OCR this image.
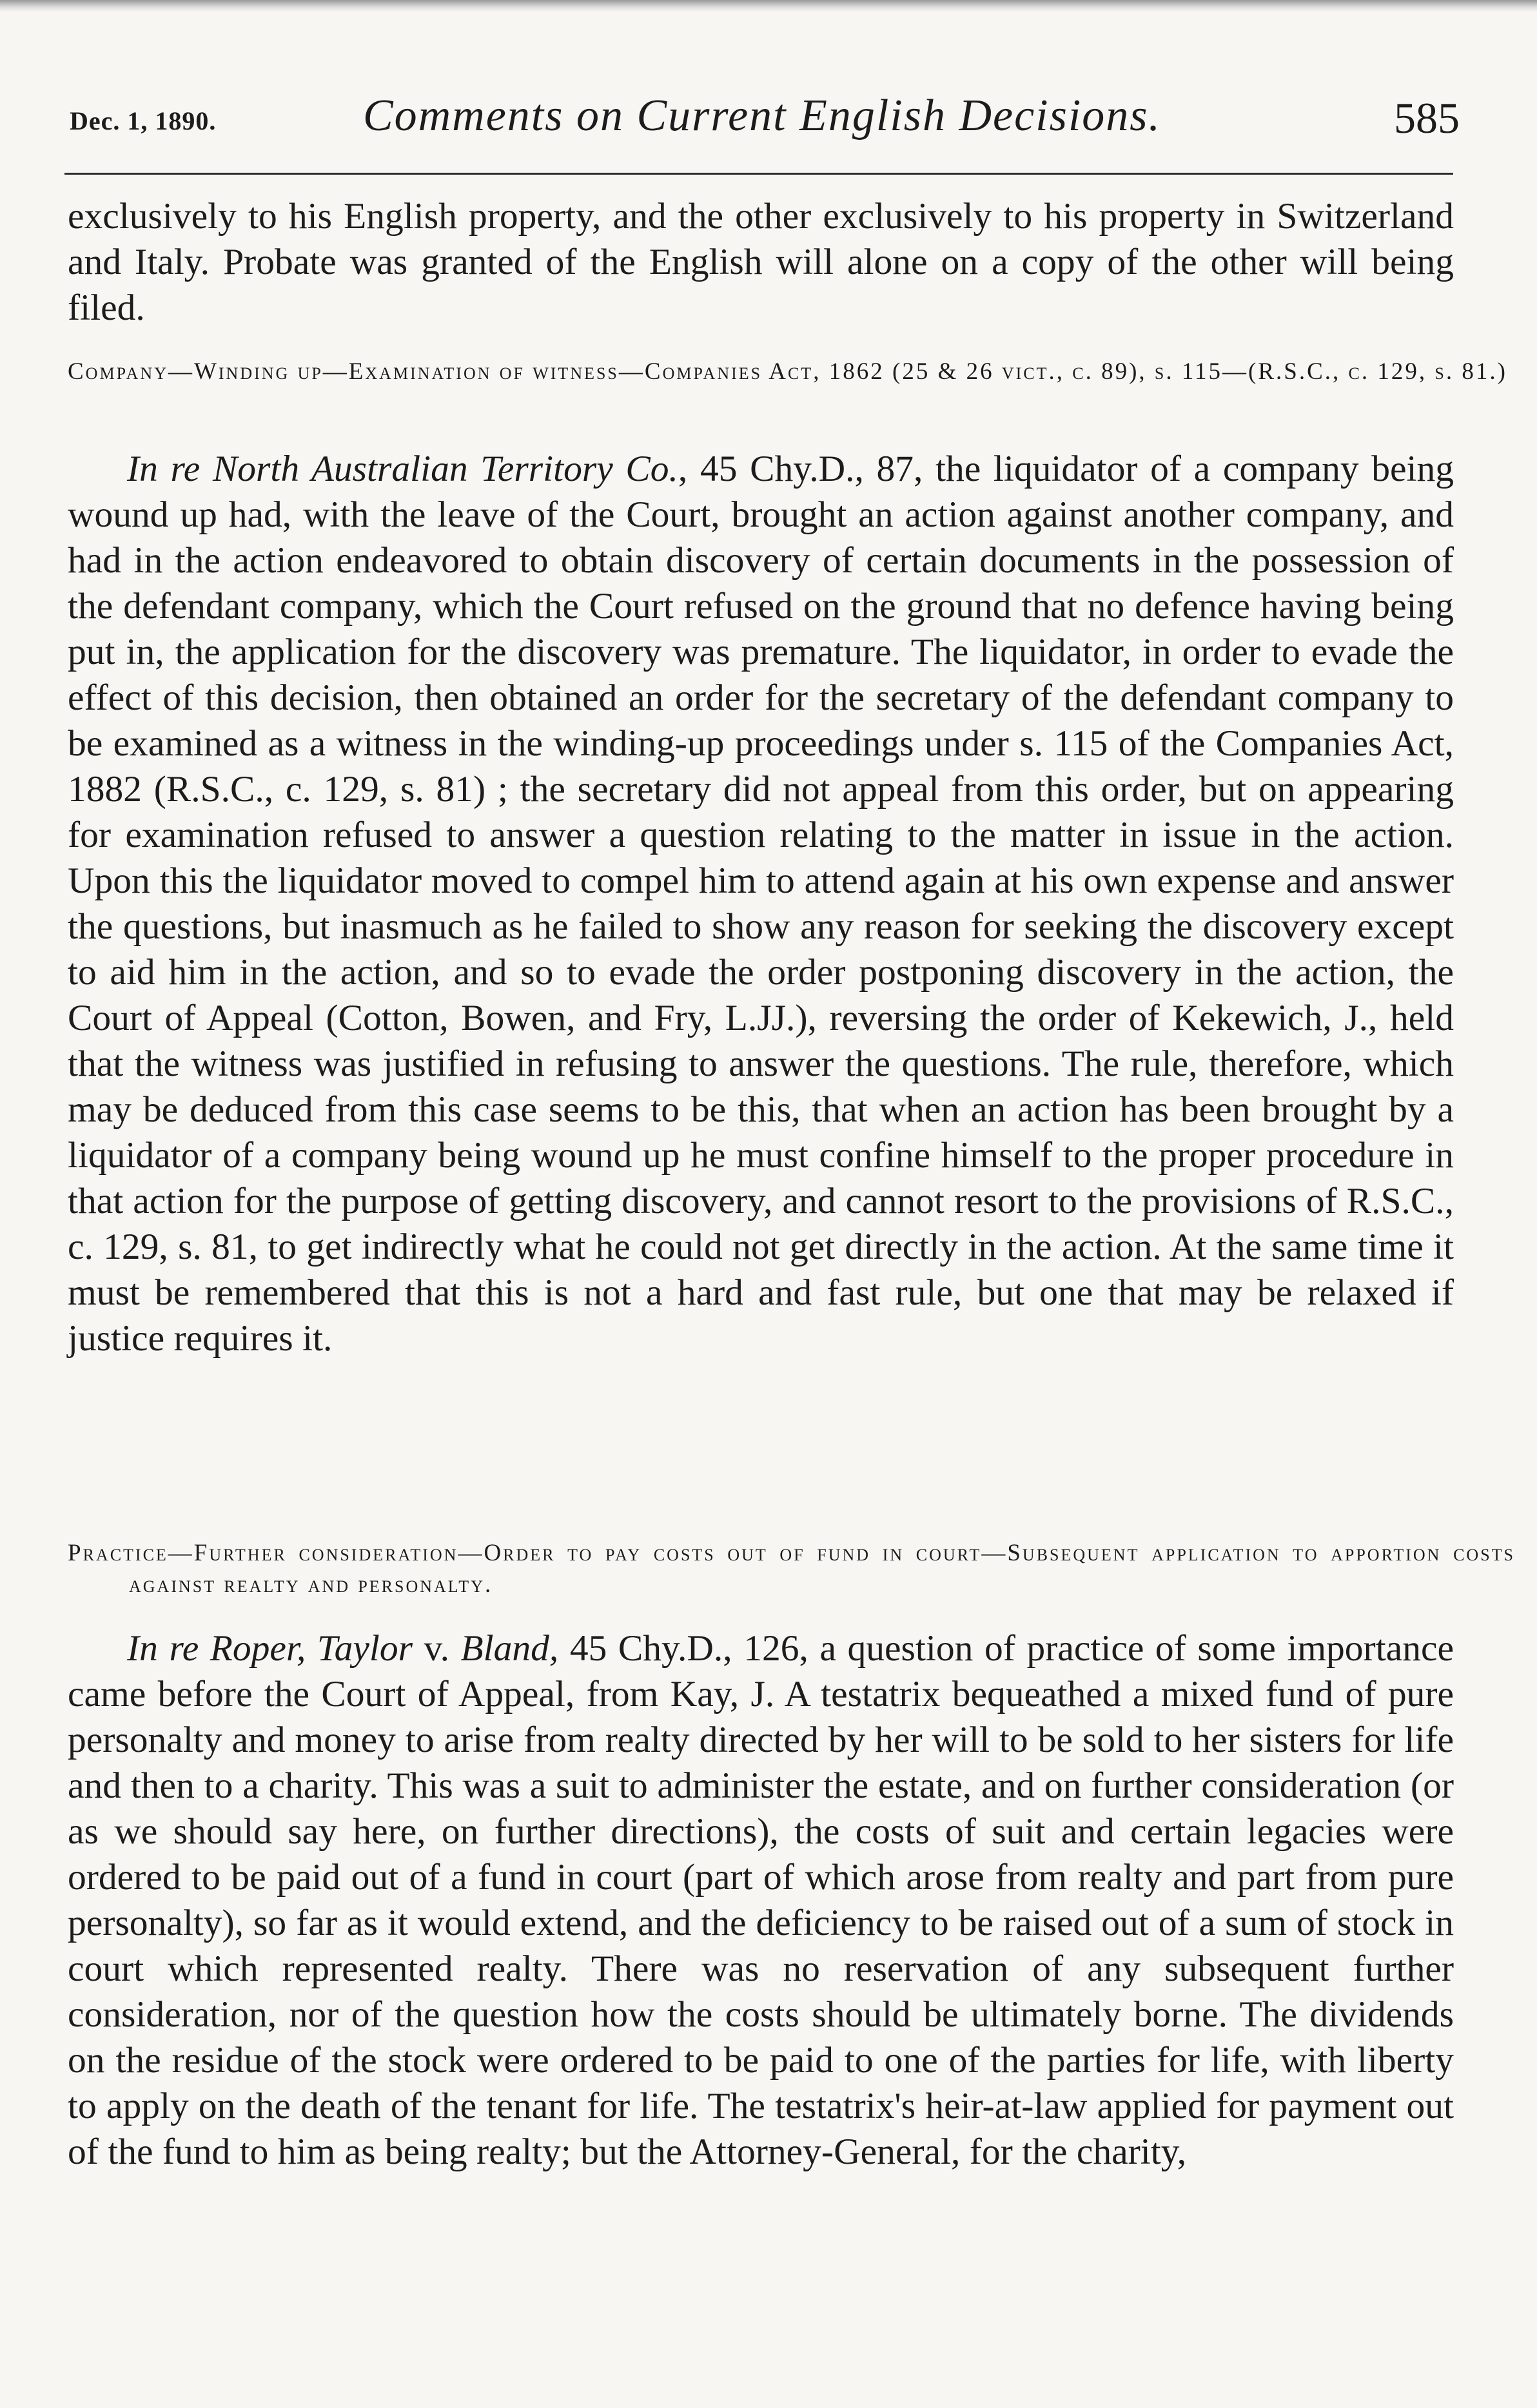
Dec. 1, 1890.	Comments on Current English Decisions.	585

exclusively to his English property, and the other exclusively to his property in Switzerland and Italy. Probate was granted of the English will alone on a copy of the other will being filed.

Company—Winding up—Examination of witness—Companies Act, 1862 (25 & 26 vict., c. 89), s. 115—(R.S.C., c. 129, s. 81.)

In re North Australian Territory Co., 45 Chy.D., 87, the liquidator of a company being wound up had, with the leave of the Court, brought an action against another company, and had in the action endeavored to obtain discovery of certain documents in the possession of the defendant company, which the Court refused on the ground that no defence having being put in, the application for the discovery was premature. The liquidator, in order to evade the effect of this decision, then obtained an order for the secretary of the defendant company to be examined as a witness in the winding-up proceedings under s. 115 of the Companies Act, 1882 (R.S.C., c. 129, s. 81) ; the secretary did not appeal from this order, but on appearing for examination refused to answer a question relating to the matter in issue in the action. Upon this the liquidator moved to compel him to attend again at his own expense and answer the questions, but inasmuch as he failed to show any reason for seeking the discovery except to aid him in the action, and so to evade the order postponing discovery in the action, the Court of Appeal (Cotton, Bowen, and Fry, L.JJ.), reversing the order of Kekewich, J., held that the witness was justified in refusing to answer the questions. The rule, therefore, which may be deduced from this case seems to be this, that when an action has been brought by a liquidator of a company being wound up he must confine himself to the proper procedure in that action for the purpose of getting discovery, and cannot resort to the provisions of R.S.C., c. 129, s. 81, to get indirectly what he could not get directly in the action. At the same time it must be remembered that this is not a hard and fast rule, but one that may be relaxed if justice requires it.

Practice—Further consideration—Order to pay costs out of fund in court—Subsequent application to apportion costs against realty and personalty.

In re Roper, Taylor v. Bland, 45 Chy.D., 126, a question of practice of some importance came before the Court of Appeal, from Kay, J. A testatrix bequeathed a mixed fund of pure personalty and money to arise from realty directed by her will to be sold to her sisters for life and then to a charity. This was a suit to administer the estate, and on further consideration (or as we should say here, on further directions), the costs of suit and certain legacies were ordered to be paid out of a fund in court (part of which arose from realty and part from pure personalty), so far as it would extend, and the deficiency to be raised out of a sum of stock in court which represented realty. There was no reservation of any subsequent further consideration, nor of the question how the costs should be ultimately borne. The dividends on the residue of the stock were ordered to be paid to one of the parties for life, with liberty to apply on the death of the tenant for life. The testatrix's heir-at-law applied for payment out of the fund to him as being realty; but the Attorney-General, for the charity,
